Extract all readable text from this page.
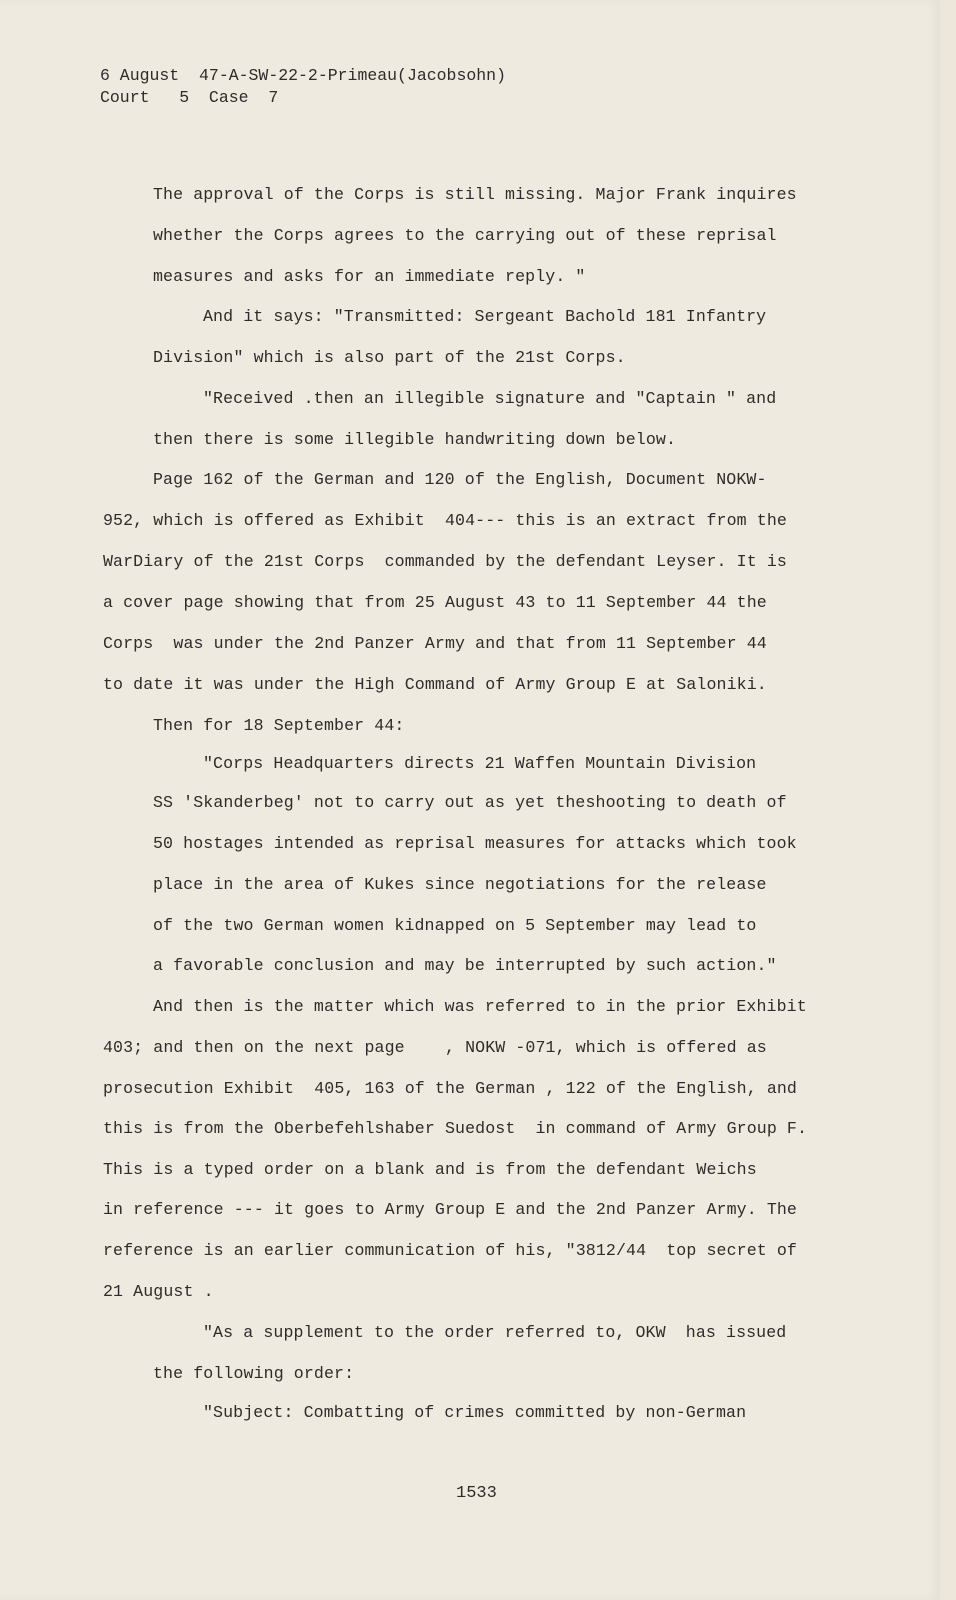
6 August  47-A-SW-22-2-Primeau(Jacobsohn)
Court   5  Case  7
The approval of the Corps is still missing. Major Frank inquires
whether the Corps agrees to the carrying out of these reprisal
measures and asks for an immediate reply. "
And it says: "Transmitted: Sergeant Bachold 181 Infantry
Division" which is also part of the 21st Corps.
"Received .then an illegible signature and "Captain " and
then there is some illegible handwriting down below.
Page 162 of the German and 120 of the English, Document NOKW-
952, which is offered as Exhibit  404--- this is an extract from the
WarDiary of the 21st Corps  commanded by the defendant Leyser. It is
a cover page showing that from 25 August 43 to 11 September 44 the
Corps  was under the 2nd Panzer Army and that from 11 September 44
to date it was under the High Command of Army Group E at Saloniki.
Then for 18 September 44:
"Corps Headquarters directs 21 Waffen Mountain Division
SS 'Skanderbeg' not to carry out as yet theshooting to death of
50 hostages intended as reprisal measures for attacks which took
place in the area of Kukes since negotiations for the release
of the two German women kidnapped on 5 September may lead to
a favorable conclusion and may be interrupted by such action."
And then is the matter which was referred to in the prior Exhibit
403; and then on the next page    , NOKW -071, which is offered as
prosecution Exhibit  405, 163 of the German , 122 of the English, and
this is from the Oberbefehlshaber Suedost  in command of Army Group F.
This is a typed order on a blank and is from the defendant Weichs
in reference --- it goes to Army Group E and the 2nd Panzer Army. The
reference is an earlier communication of his, "3812/44  top secret of
21 August .
"As a supplement to the order referred to, OKW  has issued
the following order:
"Subject: Combatting of crimes committed by non-German
1533
